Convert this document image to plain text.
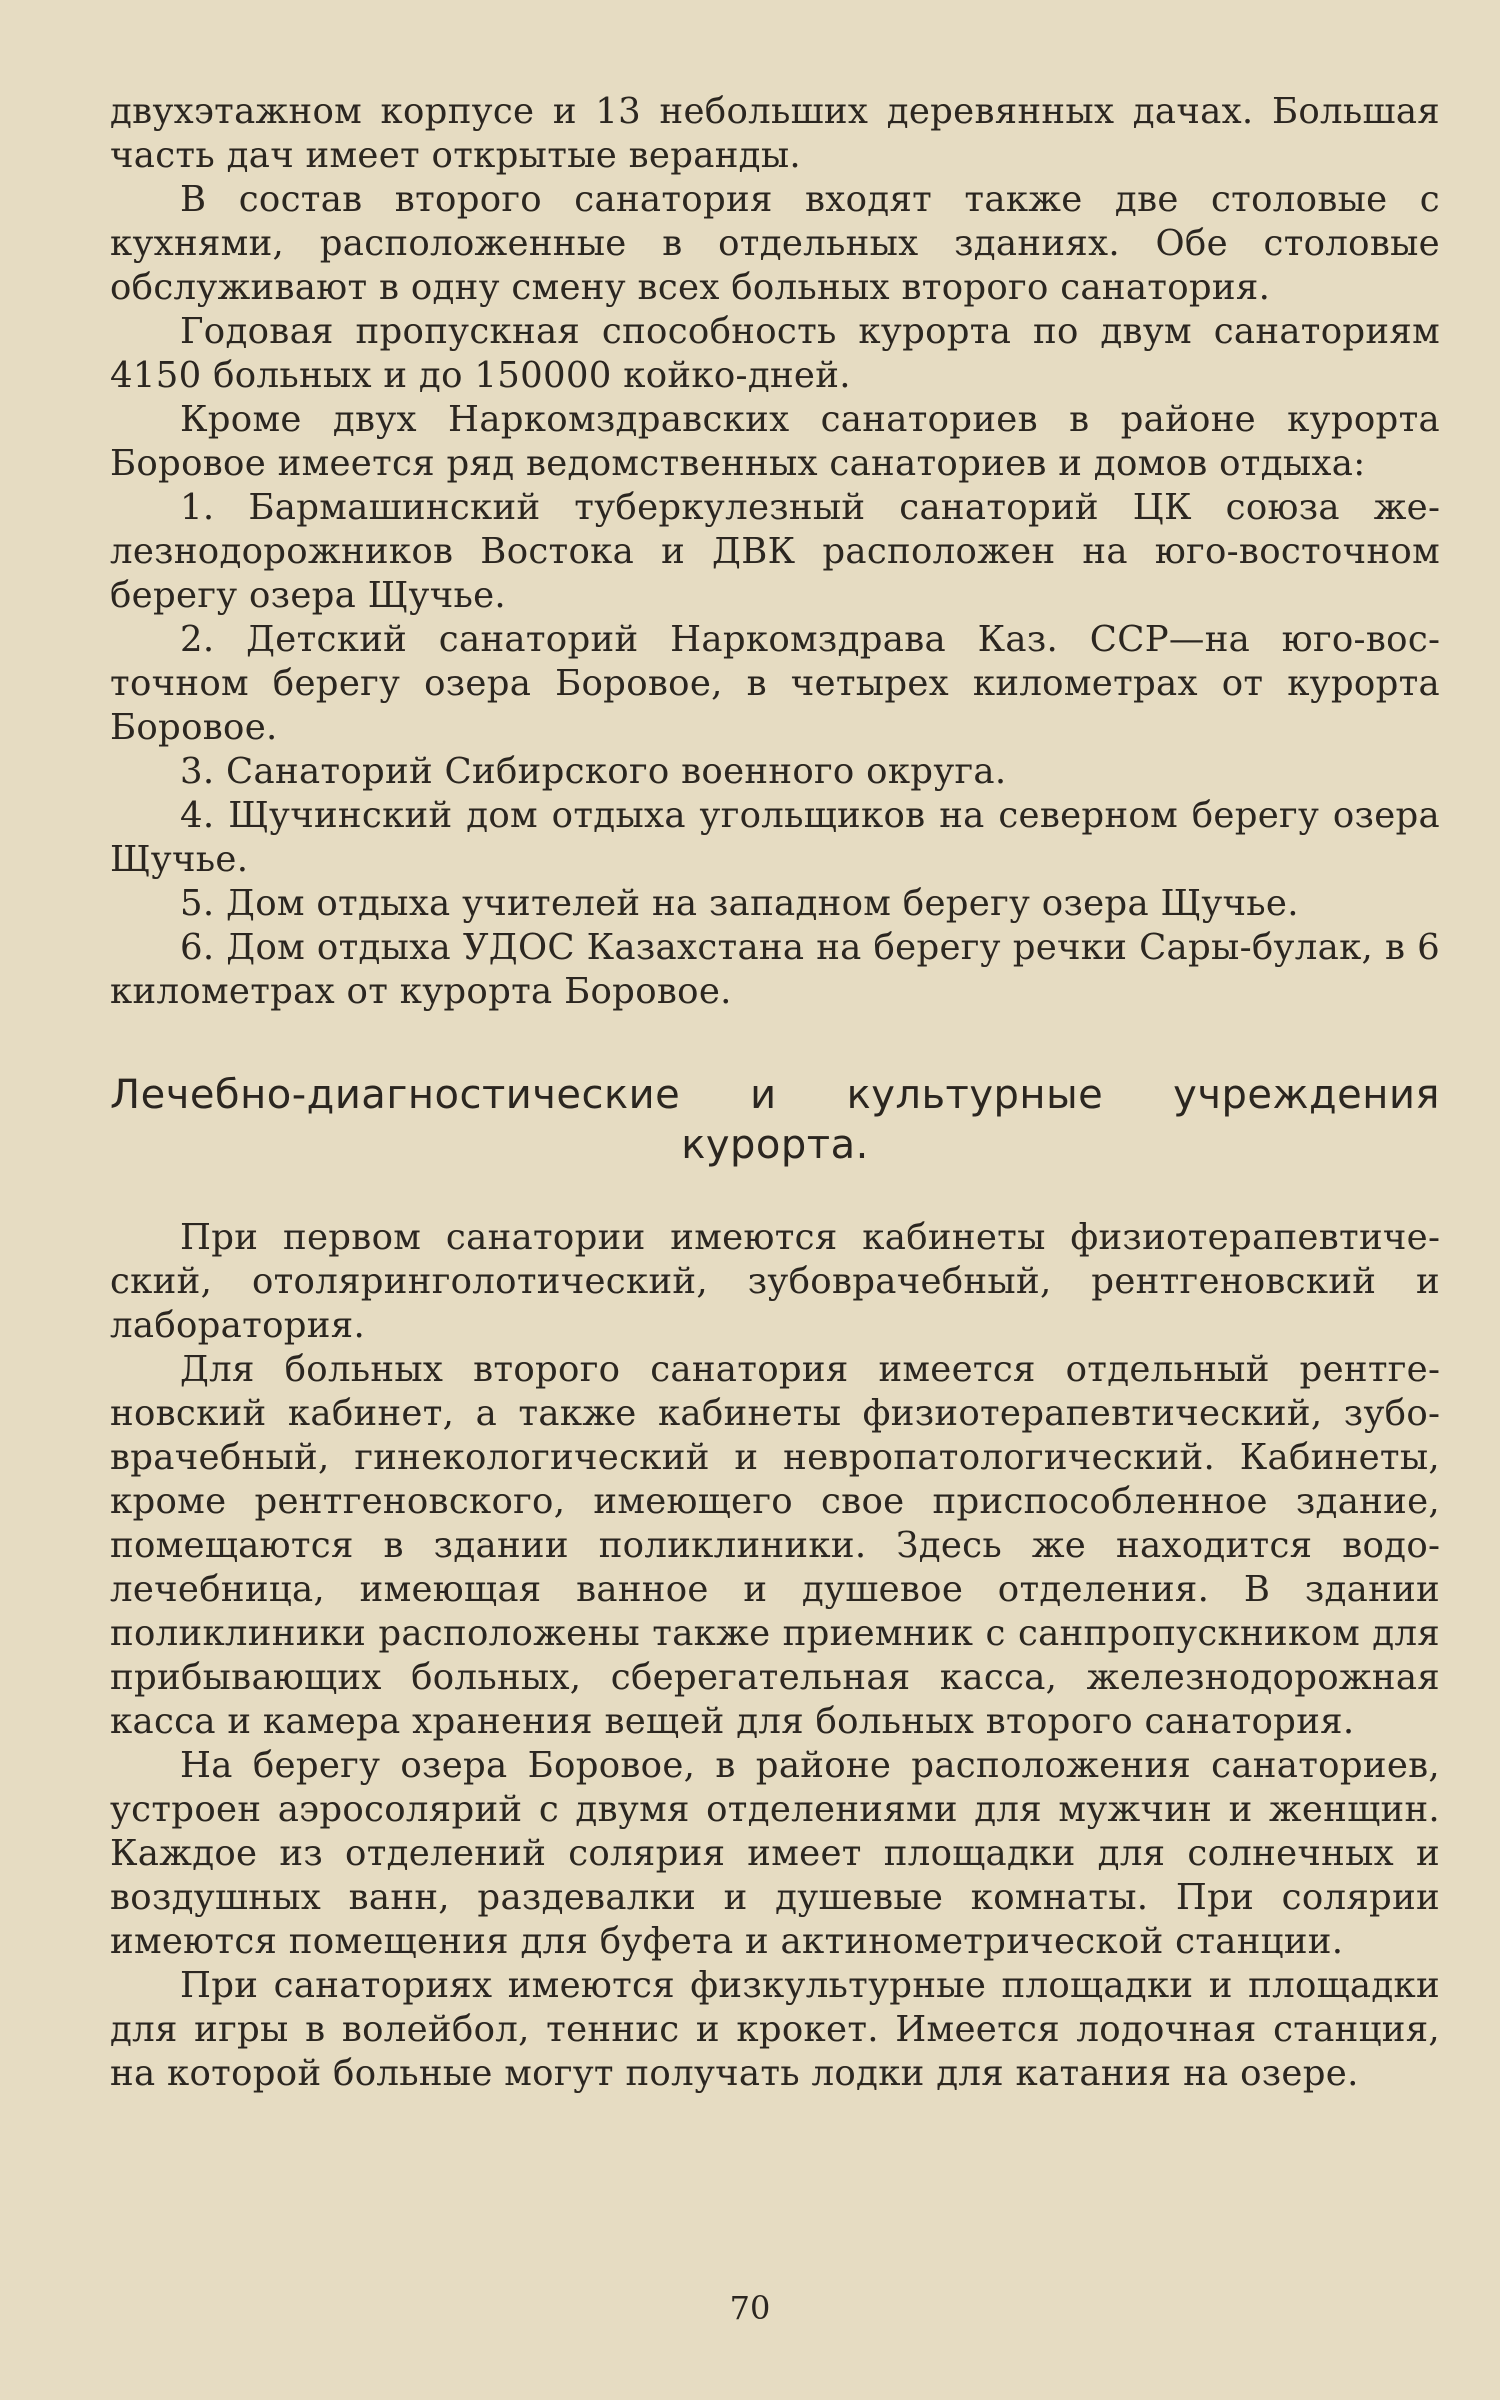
двухэтажном корпусе и 13 небольших деревянных дачах. Большая часть дач имеет открытые веранды.

В состав второго санатория входят также две столовые с кухнями, расположенные в отдельных зданиях. Обе столовые обслуживают в одну смену всех больных второго санатория.

Годовая пропускная способность курорта по двум санаториям 4150 больных и до 150000 койко-дней.

Кроме двух Наркомздравских санаториев в районе курорта Боровое имеется ряд ведомственных санаториев и домов отдыха:

1. Бармашинский туберкулезный санаторий ЦК союза железнодорожников Востока и ДВК расположен на юго-восточном берегу озера Щучье.

2. Детский санаторий Наркомздрава Каз. ССР—на юго-восточном берегу озера Боровое, в четырех километрах от курорта Боровое.

3. Санаторий Сибирского военного округа.

4. Щучинский дом отдыха угольщиков на северном берегу озера Щучье.

5. Дом отдыха учителей на западном берегу озера Щучье.

6. Дом отдыха УДОС Казахстана на берегу речки Сары-булак, в 6 километрах от курорта Боровое.

Лечебно-диагностические и культурные учреждения
курорта.

При первом санатории имеются кабинеты физиотерапевтический, отоляринголотический, зубоврачебный, рентгеновский и лаборатория.

Для больных второго санатория имеется отдельный рентгеновский кабинет, а также кабинеты физиотерапевтический, зубоврачебный, гинекологический и невропатологический. Кабинеты, кроме рентгеновского, имеющего свое приспособленное здание, помещаются в здании поликлиники. Здесь же находится водолечебница, имеющая ванное и душевое отделения. В здании поликлиники расположены также приемник с санпропускником для прибывающих больных, сберегательная касса, железнодорожная касса и камера хранения вещей для больных второго санатория.

На берегу озера Боровое, в районе расположения санаториев, устроен аэросолярий с двумя отделениями для мужчин и женщин. Каждое из отделений солярия имеет площадки для солнечных и воздушных ванн, раздевалки и душевые комнаты. При солярии имеются помещения для буфета и актинометрической станции.

При санаториях имеются физкультурные площадки и площадки для игры в волейбол, теннис и крокет. Имеется лодочная станция, на которой больные могут получать лодки для катания на озере.

70
